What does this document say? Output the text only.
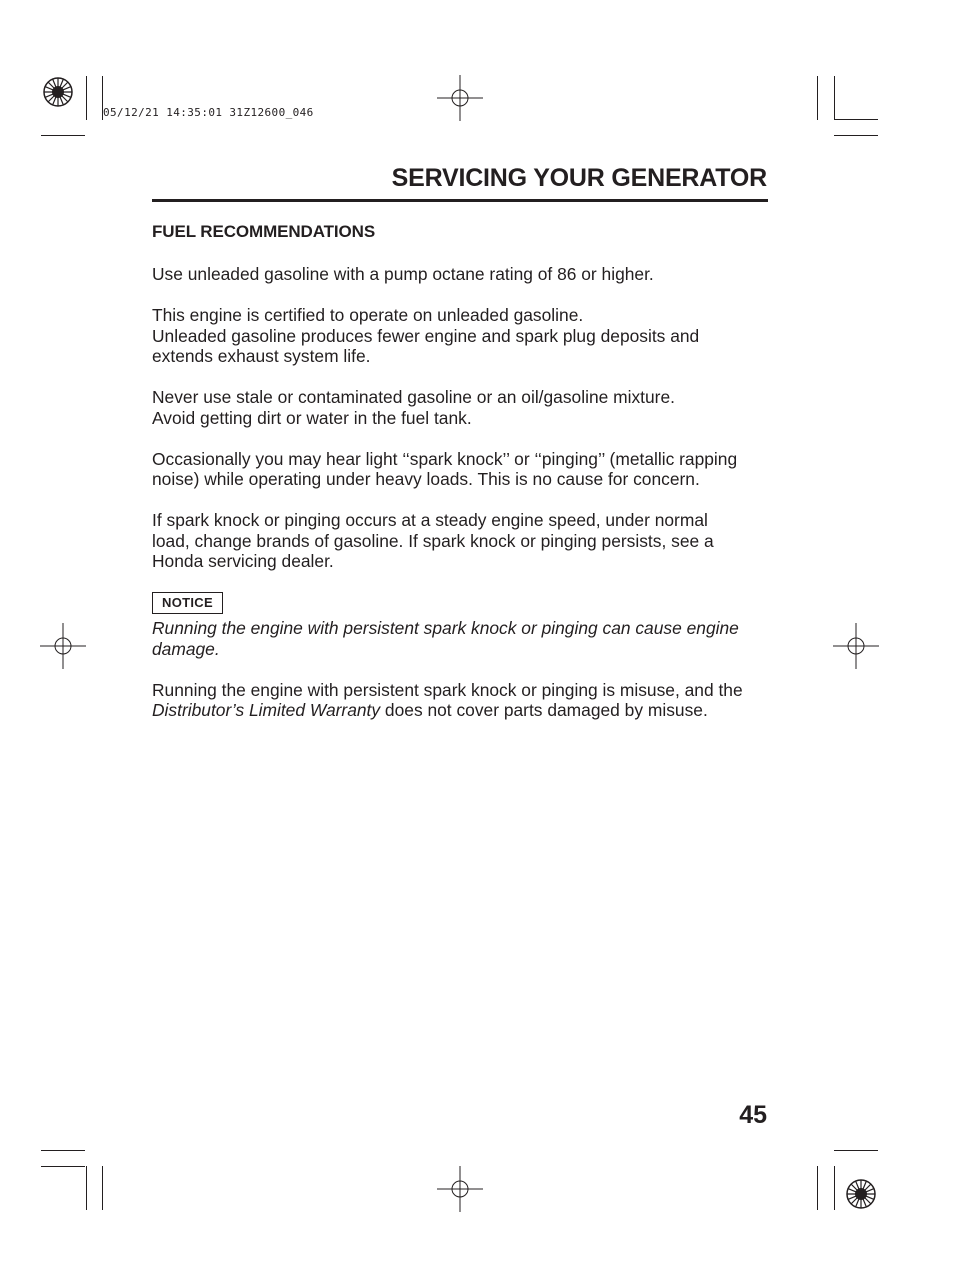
05/12/21 14:35:01 31Z12600_046
SERVICING YOUR GENERATOR
FUEL RECOMMENDATIONS

Use unleaded gasoline with a pump octane rating of 86 or higher.

This engine is certified to operate on unleaded gasoline.

Unleaded gasoline produces fewer engine and spark plug deposits and extends exhaust system life.

Never use stale or contaminated gasoline or an oil/gasoline mixture.

Avoid getting dirt or water in the fuel tank.

Occasionally you may hear light ‘‘spark knock’’ or ‘‘pinging’’ (metallic rapping noise) while operating under heavy loads. This is no cause for concern.

If spark knock or pinging occurs at a steady engine speed, under normal load, change brands of gasoline. If spark knock or pinging persists, see a Honda servicing dealer.

NOTICE
Running the engine with persistent spark knock or pinging can cause engine damage.
Running the engine with persistent spark knock or pinging is misuse, and the Distributor’s Limited Warranty does not cover parts damaged by misuse.
45
